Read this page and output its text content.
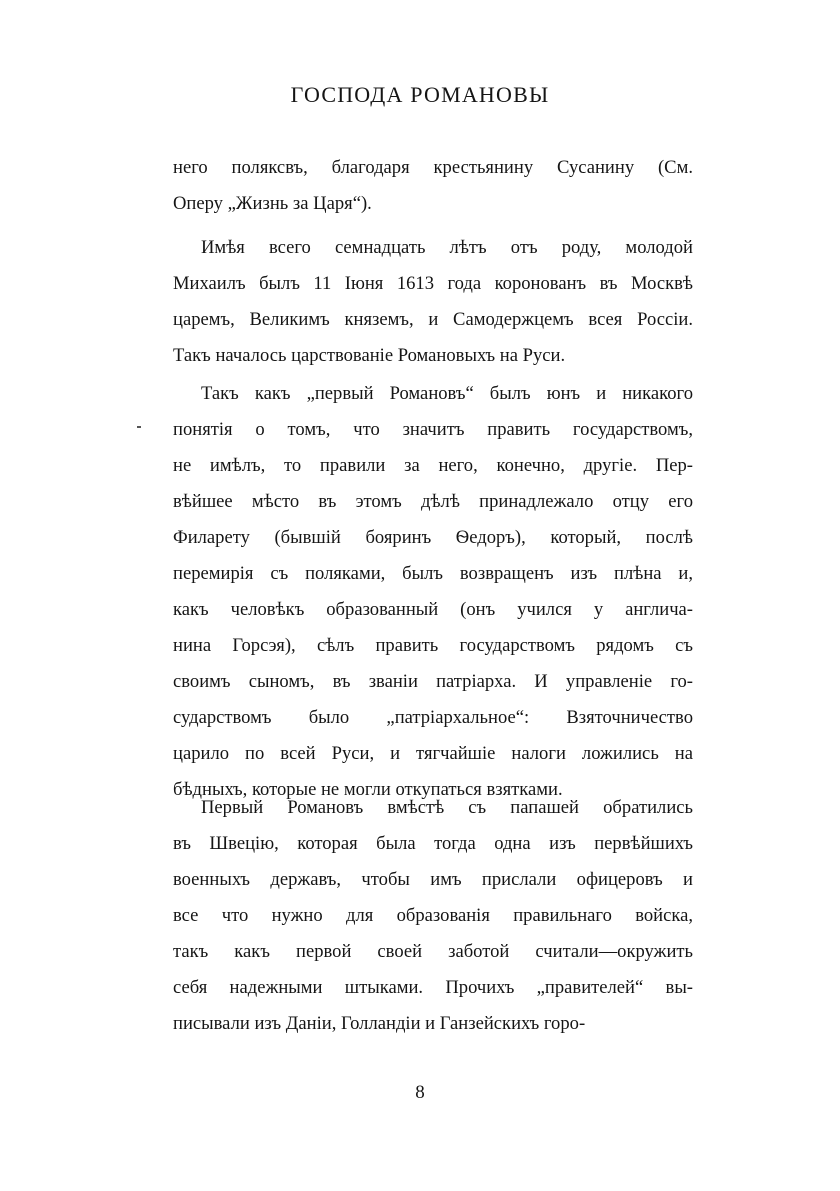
ГОСПОДА РОМАНОВЫ
него поляксвъ, благодаря крестьянину Сусанину (См.
Оперу „Жизнь за Царя“).
Имѣя всего семнадцать лѣтъ отъ роду, молодой
Михаилъ былъ 11 Іюня 1613 года коронованъ въ Москвѣ
царемъ, Великимъ княземъ, и Самодержцемъ всея Россіи.
Такъ началось царствованіе Романовыхъ на Руси.
Такъ какъ „первый Романовъ“ былъ юнъ и никакого
понятія о томъ, что значитъ править государствомъ,
не имѣлъ, то правили за него, конечно, другіе. Пер-
вѣйшее мѣсто въ этомъ дѣлѣ принадлежало отцу его
Филарету (бывшій бояринъ Ѳедоръ), который, послѣ
перемирія съ поляками, былъ возвращенъ изъ плѣна и,
какъ человѣкъ образованный (онъ учился у англича-
нина Горсэя), сѣлъ править государствомъ рядомъ съ
своимъ сыномъ, въ званіи патріарха. И управленіе го-
сударствомъ было „патріархальное“: Взяточничество
царило по всей Руси, и тягчайшіе налоги ложились на
бѣдныхъ, которые не могли откупаться взятками.
Первый Романовъ вмѣстѣ съ папашей обратились
въ Швецію, которая была тогда одна изъ первѣйшихъ
военныхъ державъ, чтобы имъ прислали офицеровъ и
все что нужно для образованія правильнаго войска,
такъ какъ первой своей заботой считали—окружить
себя надежными штыками. Прочихъ „правителей“ вы-
писывали изъ Даніи, Голландіи и Ганзейскихъ горо-
8
